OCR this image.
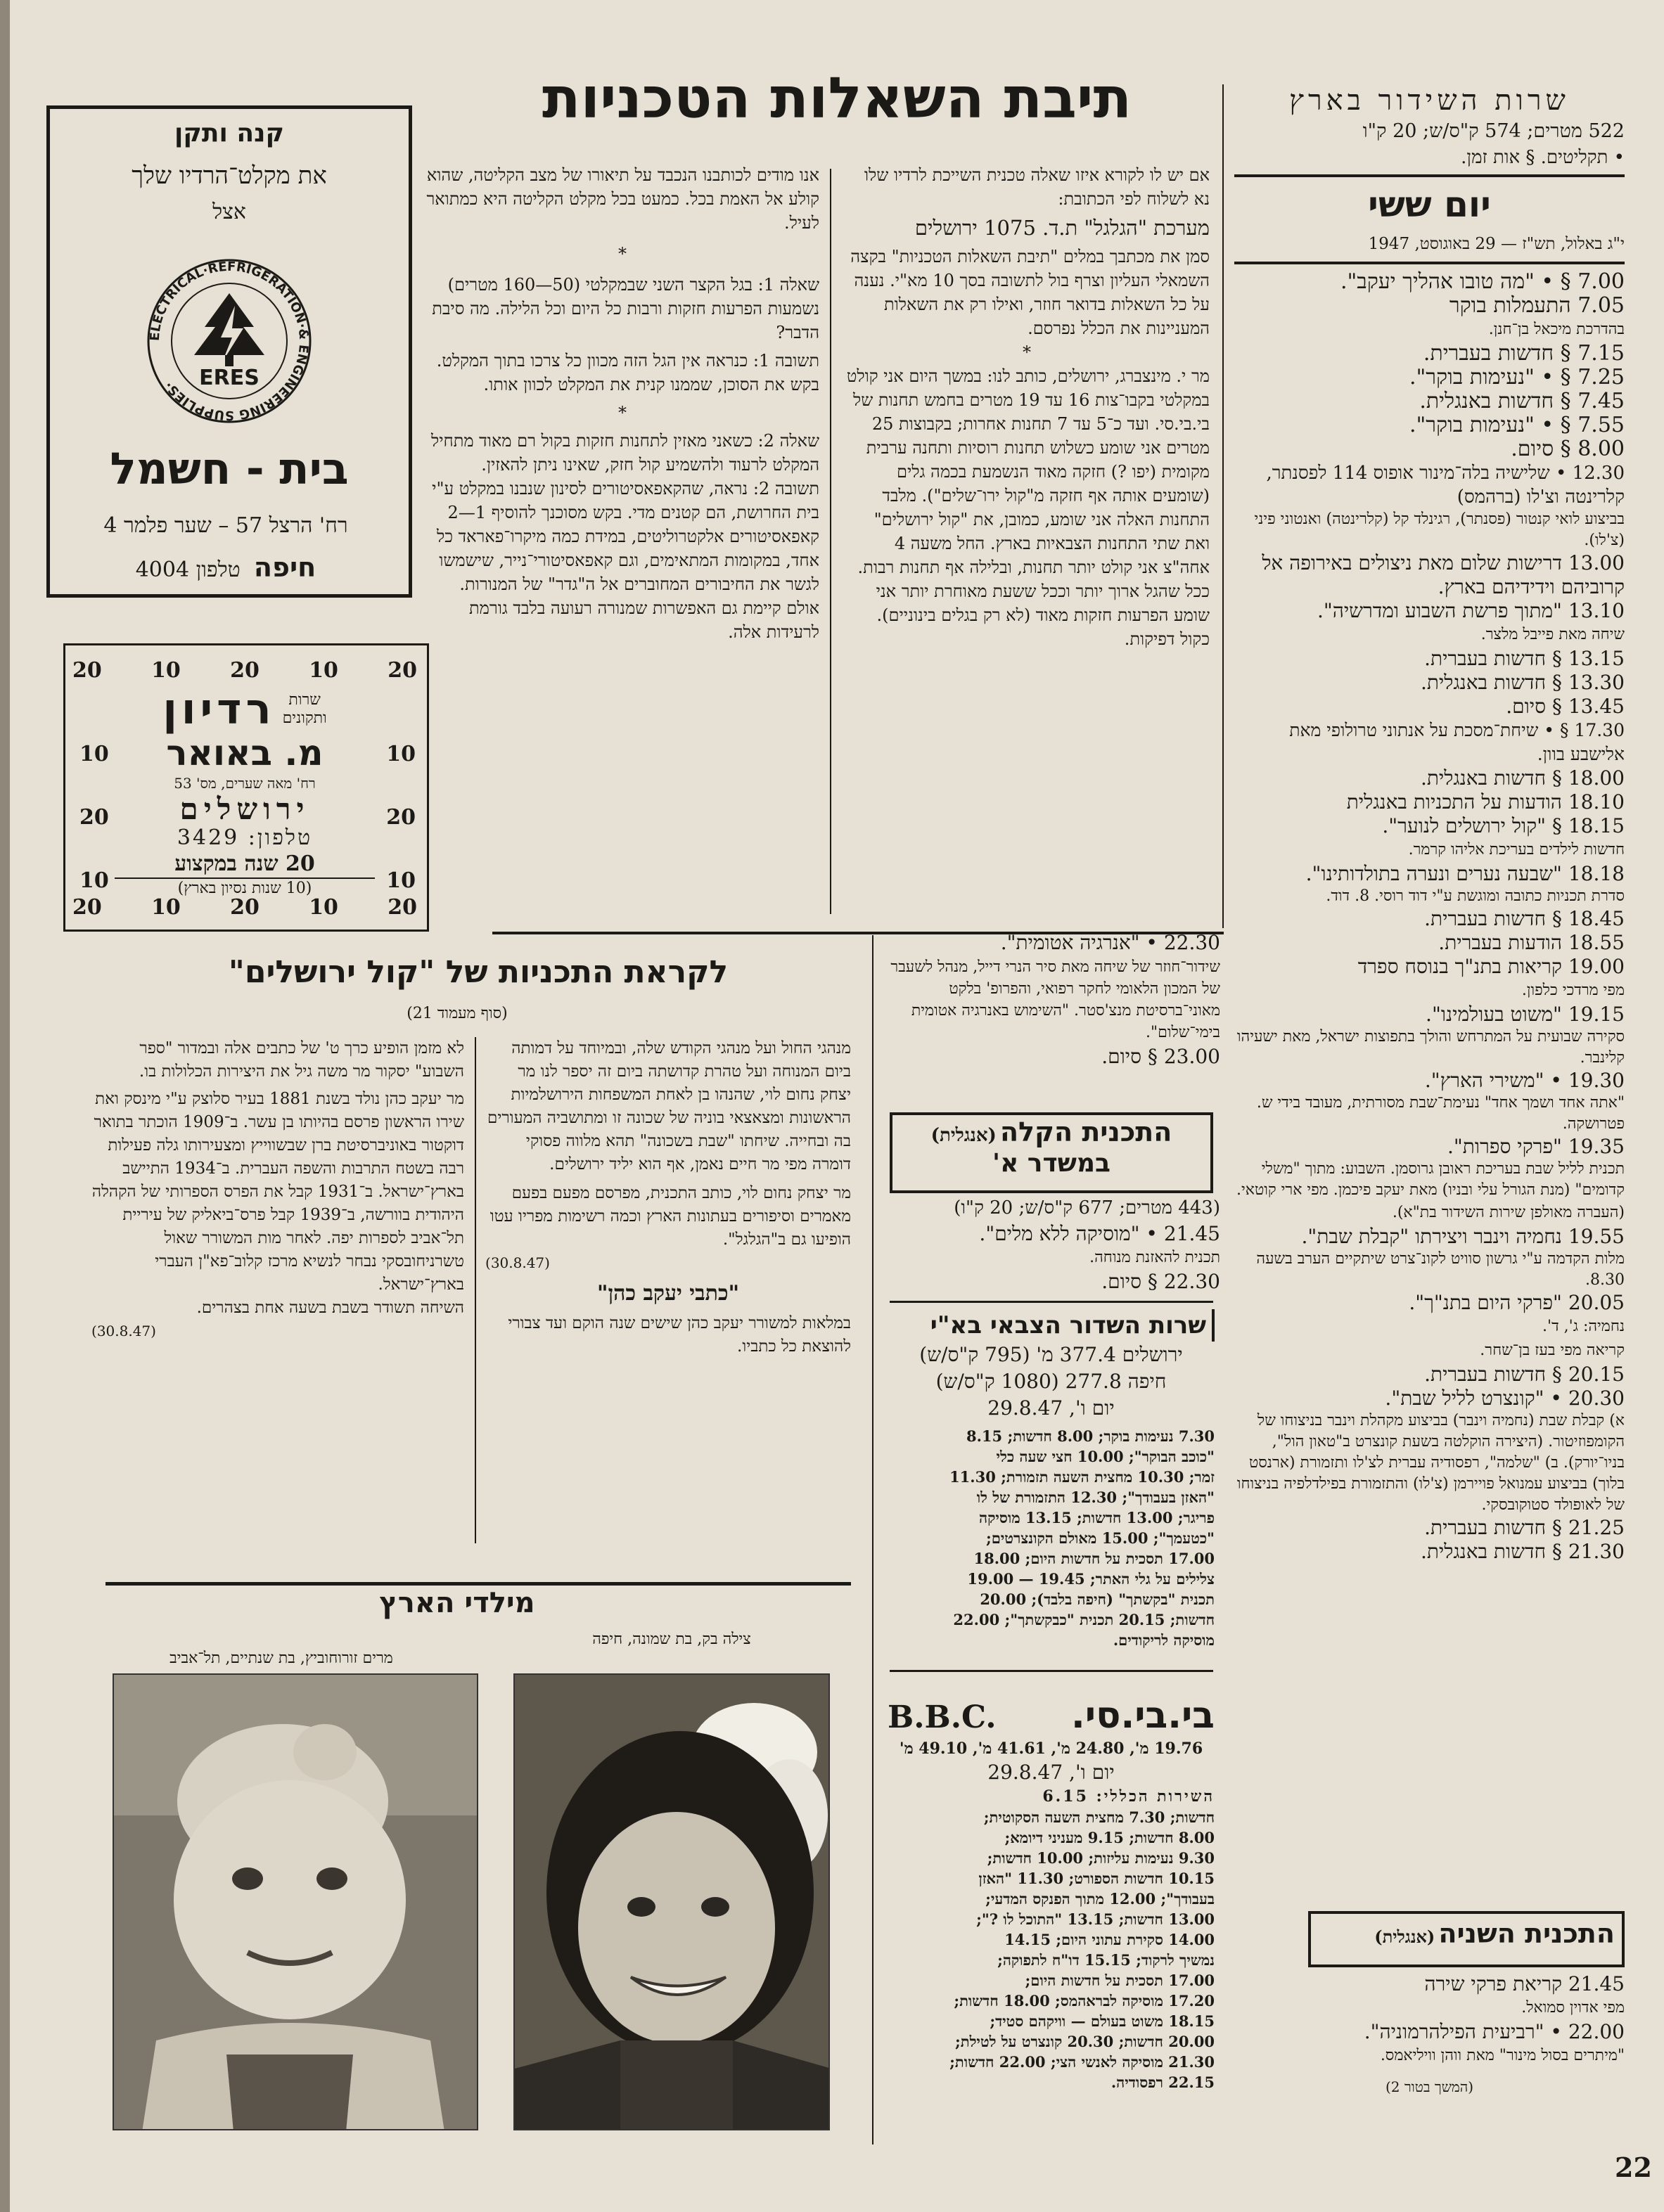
שרות השידור בארץ
522 מטרים; 574 ק"ס/ש; 20 ק"ו
• תקליטים. § אות זמן.
יום ששי
י"ג באלול, תש"ז — 29 באוגוסט, 1947
7.00 § • "מה טובו אהליך יעקב".
7.05 התעמלות בוקר
בהדרכת מיכאל בן־חנן.
7.15 § חדשות בעברית.
7.25 § • "נעימות בוקר".
7.45 § חדשות באנגלית.
7.55 § • "נעימות בוקר".
8.00 § סיום.
12.30 • שלישיה בלה־מינור אופוס 114 לפסנתר, קלרינטה וצ'לו (ברהמס)
בביצוע לואי קנטור (פסנתר), רגינלד קל (קלרינטה) ואנטוני פיני (צ'לו).
13.00 דרישות שלום מאת ניצולים באירופה אל קרוביהם וידידיהם בארץ.
13.10 "מתוך פרשת השבוע ומדרשיה".
שיחה מאת פייבל מלצר.
13.15 § חדשות בעברית.
13.30 § חדשות באנגלית.
13.45 § סיום.
17.30 § • שיחת־מסכת על אנתוני טרולופי מאת אלישבע בוון.
18.00 § חדשות באנגלית.
18.10 הודעות על התכניות באנגלית
18.15 § "קול ירושלים לנוער".
חדשות לילדים בעריכת אליהו קרמר.
18.18 "שבעה נערים ונערה בתולדותינו".
סדרת תכניות כתובה ומוגשת ע"י דוד רוסי. 8. דוד.
18.45 § חדשות בעברית.
18.55 הודעות בעברית.
19.00 קריאות בתנ"ך בנוסח ספרד
מפי מרדכי כלפון.
19.15 "משוט בעולמינו".
סקירה שבועית על המתרחש והולך בתפוצות ישראל, מאת ישעיהו קלינבר.
19.30 • "משירי הארץ".
"אתה אחד ושמך אחד" נעימת־שבת מסורתית, מעובד בידי ש. פטרושקה.
19.35 "פרקי ספרות".
תכנית לליל שבת בעריכת ראובן גרוסמן. השבוע: מתוך "משלי קדומים" (מנת הגורל עלי ובניו) מאת יעקב פיכמן. מפי ארי קוטאי.
(העברה מאולפן שירות השידור בת"א).
19.55 נחמיה וינבר ויצירתו "קבלת שבת".
מלות הקדמה ע"י גרשון סוויט לקונ־צרט שיתקיים הערב בשעה 8.30.
20.05 "פרקי היום בתנ"ך".
נחמיה: ג', ד'.
קריאה מפי בעז בן־שחר.
20.15 § חדשות בעברית.
20.30 • "קונצרט לליל שבת".
א) קבלת שבת (נחמיה וינבר) בביצוע מקהלת וינבר בניצוחו של הקומפוזיטור. (היצירה הוקלטה בשעת קונצרט ב"טאון הול", בניו־יורק). ב) "שלמה", רפסודיה עברית לצ'לו ותזמורת (ארנסט בלוך) בביצוע עמנואל פויירמן (צ'לו) והתזמורת בפילדלפיה בניצוחו של לאופולד סטוקובסקי.
21.25 § חדשות בעברית.
21.30 § חדשות באנגלית.
התכנית השניה (אנגלית)
21.45 קריאת פרקי שירה
מפי אדוין סמואל.
22.00 • "רביעית הפילהרמוניה".
"מיתרים בסול מינור" מאת ווהן וויליאמס.
(המשך בטור 2)
22
תיבת השאלות הטכניות
אם יש לו לקורא איזו שאלה טכנית השייכת לרדיו שלו נא לשלוח לפי הכתובת:
מערכת "הגלגל" ת.ד. 1075 ירושלים
סמן את מכתבך במלים "תיבת השאלות הטכניות" בקצה השמאלי העליון וצרף בול לתשובה בסך 10 מא"י. נענה על כל השאלות בדואר חוזר, ואילו רק את השאלות המעניינות את הכלל נפרסם.
*
מר י. מינצברג, ירושלים, כותב לנו: במשך היום אני קולט במקלטי בקבו־צות 16 עד 19 מטרים בחמש תחנות של בי.בי.סי. ועד כ־5 עד 7 תחנות אחרות; בקבוצות 25 מטרים אני שומע כשלוש תחנות רוסיות ותחנה ערבית מקומית (יפו ?) חזקה מאוד הנשמעת בכמה גלים (שומעים אותה אף חזקה מ"קול ירו־שלים"). מלבד התחנות האלה אני שומע, כמובן, את "קול ירושלים" ואת שתי התחנות הצבאיות בארץ. החל משעה 4 אחה"צ אני קולט יותר תחנות, ובלילה אף תחנות רבות. ככל שהגל ארוך יותר וככל ששעת מאוחרת יותר אני שומע הפרעות חזקות מאוד (לא רק בגלים בינוניים). כקול דפיקות.
אנו מודים לכותבנו הנכבד על תיאורו של מצב הקליטה, שהוא קולע אל האמת בכל. כמעט בכל מקלט הקליטה היא כמתואר לעיל.
*
שאלה 1: בגל הקצר השני שבמקלטי (50—160 מטרים) נשמעות הפרעות חזקות ורבות כל היום וכל הלילה. מה סיבת הדבר?
תשובה 1: כנראה אין הגל הזה מכוון כל צרכו בתוך המקלט. בקש את הסוכן, שממנו קנית את המקלט לכוון אותו.
*
שאלה 2: כשאני מאזין לתחנות חזקות בקול רם מאוד מתחיל המקלט לרעוד ולהשמיע קול חזק, שאינו ניתן להאזין.
תשובה 2: נראה, שהקאפאסיטורים לסינון שנבנו במקלט ע"י בית החרושת, הם קטנים מדי. בקש מסוכנך להוסיף 1—2 קאפאסיטורים אלקטרוליטים, במידת כמה מיקרו־פאראד כל אחד, במקומות המתאימים, וגם קאפאסיטורי־נייר, שישמשו לגשר את החיבורים המחוברים אל ה"גדר" של המנורות.
אולם קיימת גם האפשרות שמנורה רעועה בלבד גורמת לרעידות אלה.
קנה ותקן
את מקלט־הרדיו שלך
אצל
ELECTRICAL·REFRIGERATION·& ENGINEERING SUPPLIES·	ERES
בית - חשמל
רח' הרצל 57 – שער פלמר 4
חיפה טלפון 4004
20
10
20
10
20
10
20
10
10
20
10
20
10
20
10
20
שרות
ותקונים
רדיון
מ. באואר
רח' מאה שערים, מס' 53
ירושלים
טלפון: 3429
20 שנה במקצוע
(10 שנות נסיון בארץ)
22.30 • "אנרגיה אטומית".
שידור־חוזר של שיחה מאת סיר הנרי דייל, מנהל לשעבר של המכון הלאומי לחקר רפואי, והפרופ' בלקט מאוני־ברסיטת מנצ'סטר. "השימוש באנרגיה אטומית בימי־שלום".
23.00 § סיום.
התכנית הקלה (אנגלית)
במשדר א'
(443 מטרים; 677 ק"ס/ש; 20 ק"ו)
21.45 • "מוסיקה ללא מלים".
תכנית להאזנת מנוחה.
22.30 § סיום.
שרות השדור הצבאי בא"י
ירושלים 377.4 מ' (795 ק"ס/ש)
חיפה 277.8 (1080 ק"ס/ש)
יום ו', 29.8.47
7.30 נעימות בוקר; 8.00 חדשות; 8.15
"כוכב הבוקר"; 10.00 חצי שעה כלי
זמר; 10.30 מחצית השעה תזמורת; 11.30
"האזן בעבודך"; 12.30 התזמורת של לו
פריגר; 13.00 חדשות; 13.15 מוסיקה
"כטעמך"; 15.00 מאולם הקונצרטים;
17.00 תסכית על חדשות היום; 18.00
צלילים על גלי האתר; 19.45 — 19.00
תכנית "בקשתך" (חיפה בלבד); 20.00
חדשות; 20.15 תכנית "כבקשתך"; 22.00
מוסיקה לריקודים.
בי.בי.סי.
B.B.C.
19.76 מ', 24.80 מ', 41.61 מ', 49.10 מ'
יום ו', 29.8.47
השירות הכללי: 6.15
חדשות; 7.30 מחצית השעה הסקוטית;
8.00 חדשות; 9.15 מעניני דיומא;
9.30 נעימות עליזות; 10.00 חדשות;
10.15 חדשות הספורט; 11.30 "האזן
בעבודך"; 12.00 מתוך הפנקס המדעי;
13.00 חדשות; 13.15 "התוכל לו ?";
14.00 סקירת עתוני היום; 14.15
נמשיך לרקוד; 15.15 דו"ח לתפוקה;
17.00 תסכית על חדשות היום;
17.20 מוסיקה לבראהמס; 18.00 חדשות;
18.15 משוט בעולם — וויקהם סטיד;
20.00 חדשות; 20.30 קונצרט על לטילת;
21.30 מוסיקה לאנשי הצי; 22.00 חדשות;
22.15 רפסודיה.
לקראת התכניות של "קול ירושלים"
(סוף מעמוד 21)
מנהגי החול ועל מנהגי הקודש שלה, ובמיוחד על דמותה ביום המנוחה ועל טהרת קדושתה ביום זה יספר לנו מר יצחק נחום לוי, שהנהו בן לאחת המשפחות הירושלמיות הראשונות ומצאצאי בוניה של שכונה זו ומתושביה המעורים בה ובחייה. שיחתו "שבת בשכונה" תהא מלווה פסוקי דומרה מפי מר חיים נאמן, אף הוא יליד ירושלים.
מר יצחק נחום לוי, כותב התכנית, מפרסם מפעם בפעם מאמרים וסיפורים בעתונות הארץ וכמה רשימות מפריו עטו הופיעו גם ב"הגלגל".
(30.8.47)
"כתבי יעקב כהן"
במלאות למשורר יעקב כהן שישים שנה הוקם ועד צבורי להוצאת כל כתביו.
לא מזמן הופיע כרך ט' של כתבים אלה ובמדור "ספר השבוע" יסקור מר משה גיל את היצירות הכלולות בו.
מר יעקב כהן נולד בשנת 1881 בעיר סלוצק ע"י מינסק ואת שירו הראשון פרסם בהיותו בן עשר. ב־1909 הוכתר בתואר דוקטור באוניברסיטת ברן שבשווייץ ומצעירותו גלה פעילות רבה בשטח התרבות והשפה העברית. ב־1934 התיישב בארץ־ישראל. ב־1931 קבל את הפרס הספרותי של הקהלה היהודית בוורשה, ב־1939 קבל פרס־ביאליק של עיריית תל־אביב לספרות יפה. לאחר מות המשורר שאול טשרניחובסקי נבחר לנשיא מרכז קלוב־פא"ן העברי בארץ־ישראל.
השיחה תשודר בשבת בשעה אחת בצהרים.
(30.8.47)
מילדי הארץ
צילה בק, בת שמונה, חיפה
מרים זורוחוביץ, בת שנתיים, תל־אביב
